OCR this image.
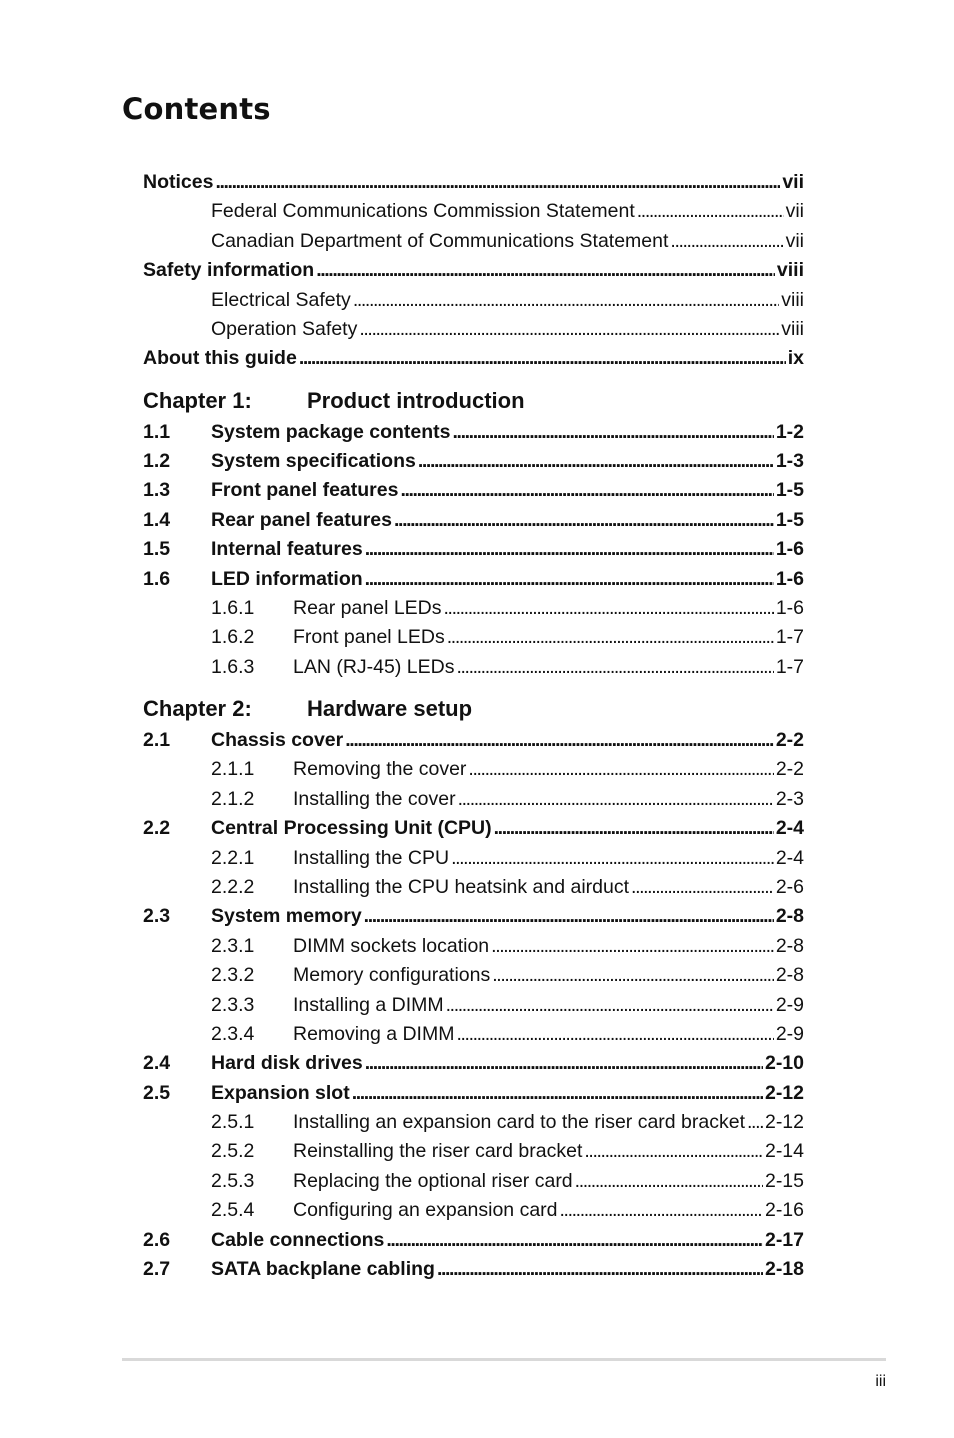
Contents
Notices . . .	vii
Federal Communications Commission Statement . . .	vii
Canadian Department of Communications Statement . . .	vii
Safety information . . .	viii
Electrical Safety . . .	viii
Operation Safety . . .	viii
About this guide . . .	ix
Chapter 1:	Product introduction
1.1	System package contents . . .	1-2
1.2	System specifications . . .	1-3
1.3	Front panel features . . .	1-5
1.4	Rear panel features . . .	1-5
1.5	Internal features . . .	1-6
1.6	LED information . . .	1-6
1.6.1	Rear panel LEDs . . .	1-6
1.6.2	Front panel LEDs . . .	1-7
1.6.3	LAN (RJ-45) LEDs . . .	1-7
Chapter 2:	Hardware setup
2.1	Chassis cover . . .	2-2
2.1.1	Removing the cover . . .	2-2
2.1.2	Installing the cover . . .	2-3
2.2	Central Processing Unit (CPU) . . .	2-4
2.2.1	Installing the CPU . . .	2-4
2.2.2	Installing the CPU heatsink and airduct . . .	2-6
2.3	System memory . . .	2-8
2.3.1	DIMM sockets location . . .	2-8
2.3.2	Memory configurations . . .	2-8
2.3.3	Installing a DIMM . . .	2-9
2.3.4	Removing a DIMM . . .	2-9
2.4	Hard disk drives . . .	2-10
2.5	Expansion slot . . .	2-12
2.5.1	Installing an expansion card to the riser card bracket . . . 2-12
2.5.2	Reinstalling the riser card bracket . . .	2-14
2.5.3	Replacing the optional riser card . . .	2-15
2.5.4	Configuring an expansion card . . .	2-16
2.6	Cable connections . . .	2-17
2.7	SATA backplane cabling . . .	2-18
iii
